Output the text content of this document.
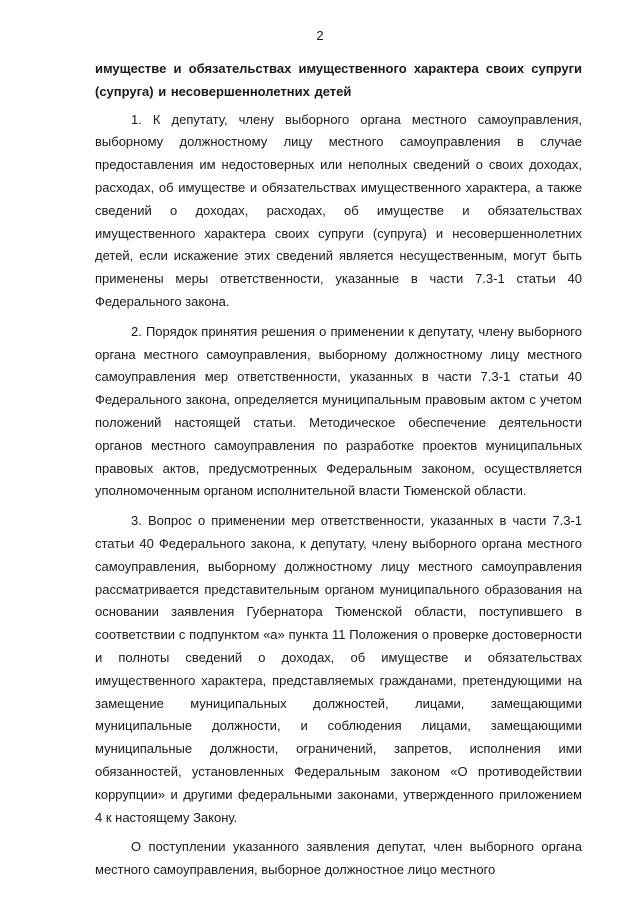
2

имуществе и обязательствах имущественного характера своих супруги (супруга) и несовершеннолетних детей

1. К депутату, члену выборного органа местного самоуправления, выборному должностному лицу местного самоуправления в случае предоставления им недостоверных или неполных сведений о своих доходах, расходах, об имуществе и обязательствах имущественного характера, а также сведений о доходах, расходах, об имуществе и обязательствах имущественного характера своих супруги (супруга) и несовершеннолетних детей, если искажение этих сведений является несущественным, могут быть применены меры ответственности, указанные в части 7.3-1 статьи 40 Федерального закона.

2. Порядок принятия решения о применении к депутату, члену выборного органа местного самоуправления, выборному должностному лицу местного самоуправления мер ответственности, указанных в части 7.3-1 статьи 40 Федерального закона, определяется муниципальным правовым актом с учетом положений настоящей статьи. Методическое обеспечение деятельности органов местного самоуправления по разработке проектов муниципальных правовых актов, предусмотренных Федеральным законом, осуществляется уполномоченным органом исполнительной власти Тюменской области.

3. Вопрос о применении мер ответственности, указанных в части 7.3-1 статьи 40 Федерального закона, к депутату, члену выборного органа местного самоуправления, выборному должностному лицу местного самоуправления рассматривается представительным органом муниципального образования на основании заявления Губернатора Тюменской области, поступившего в соответствии с подпунктом «а» пункта 11 Положения о проверке достоверности и полноты сведений о доходах, об имуществе и обязательствах имущественного характера, представляемых гражданами, претендующими на замещение муниципальных должностей, лицами, замещающими муниципальные должности, и соблюдения лицами, замещающими муниципальные должности, ограничений, запретов, исполнения ими обязанностей, установленных Федеральным законом «О противодействии коррупции» и другими федеральными законами, утвержденного приложением 4 к настоящему Закону.

О поступлении указанного заявления депутат, член выборного органа местного самоуправления, выборное должностное лицо местного
